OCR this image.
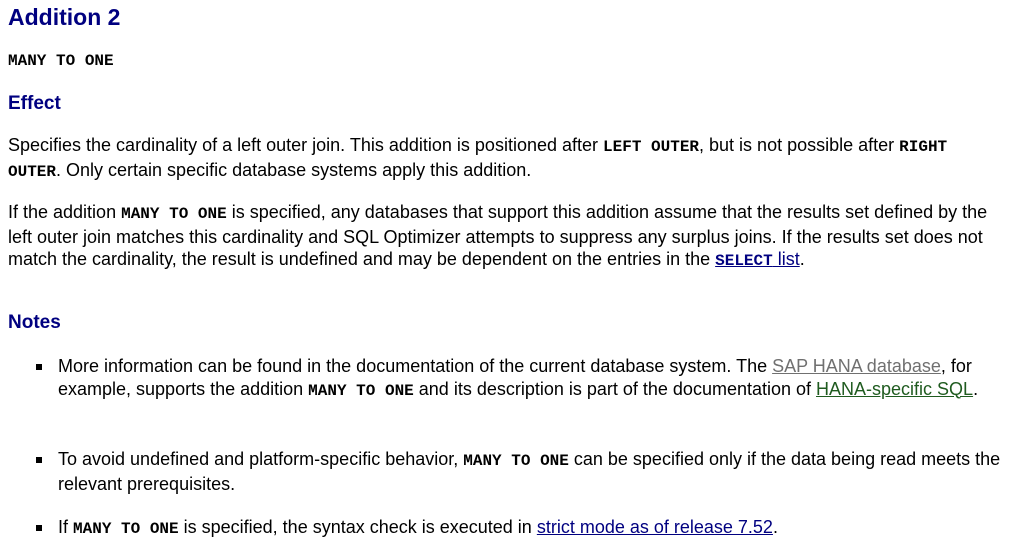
Addition 2
MANY TO ONE
Effect
Specifies the cardinality of a left outer join. This addition is positioned after LEFT OUTER, but is not possible after RIGHT OUTER. Only certain specific database systems apply this addition.
If the addition MANY TO ONE is specified, any databases that support this addition assume that the results set defined by the left outer join matches this cardinality and SQL Optimizer attempts to suppress any surplus joins. If the results set does not match the cardinality, the result is undefined and may be dependent on the entries in the SELECT list.
Notes
More information can be found in the documentation of the current database system. The SAP HANA database, for example, supports the addition MANY TO ONE and its description is part of the documentation of HANA-specific SQL.
To avoid undefined and platform-specific behavior, MANY TO ONE can be specified only if the data being read meets the relevant prerequisites.
If MANY TO ONE is specified, the syntax check is executed in strict mode as of release 7.52.
